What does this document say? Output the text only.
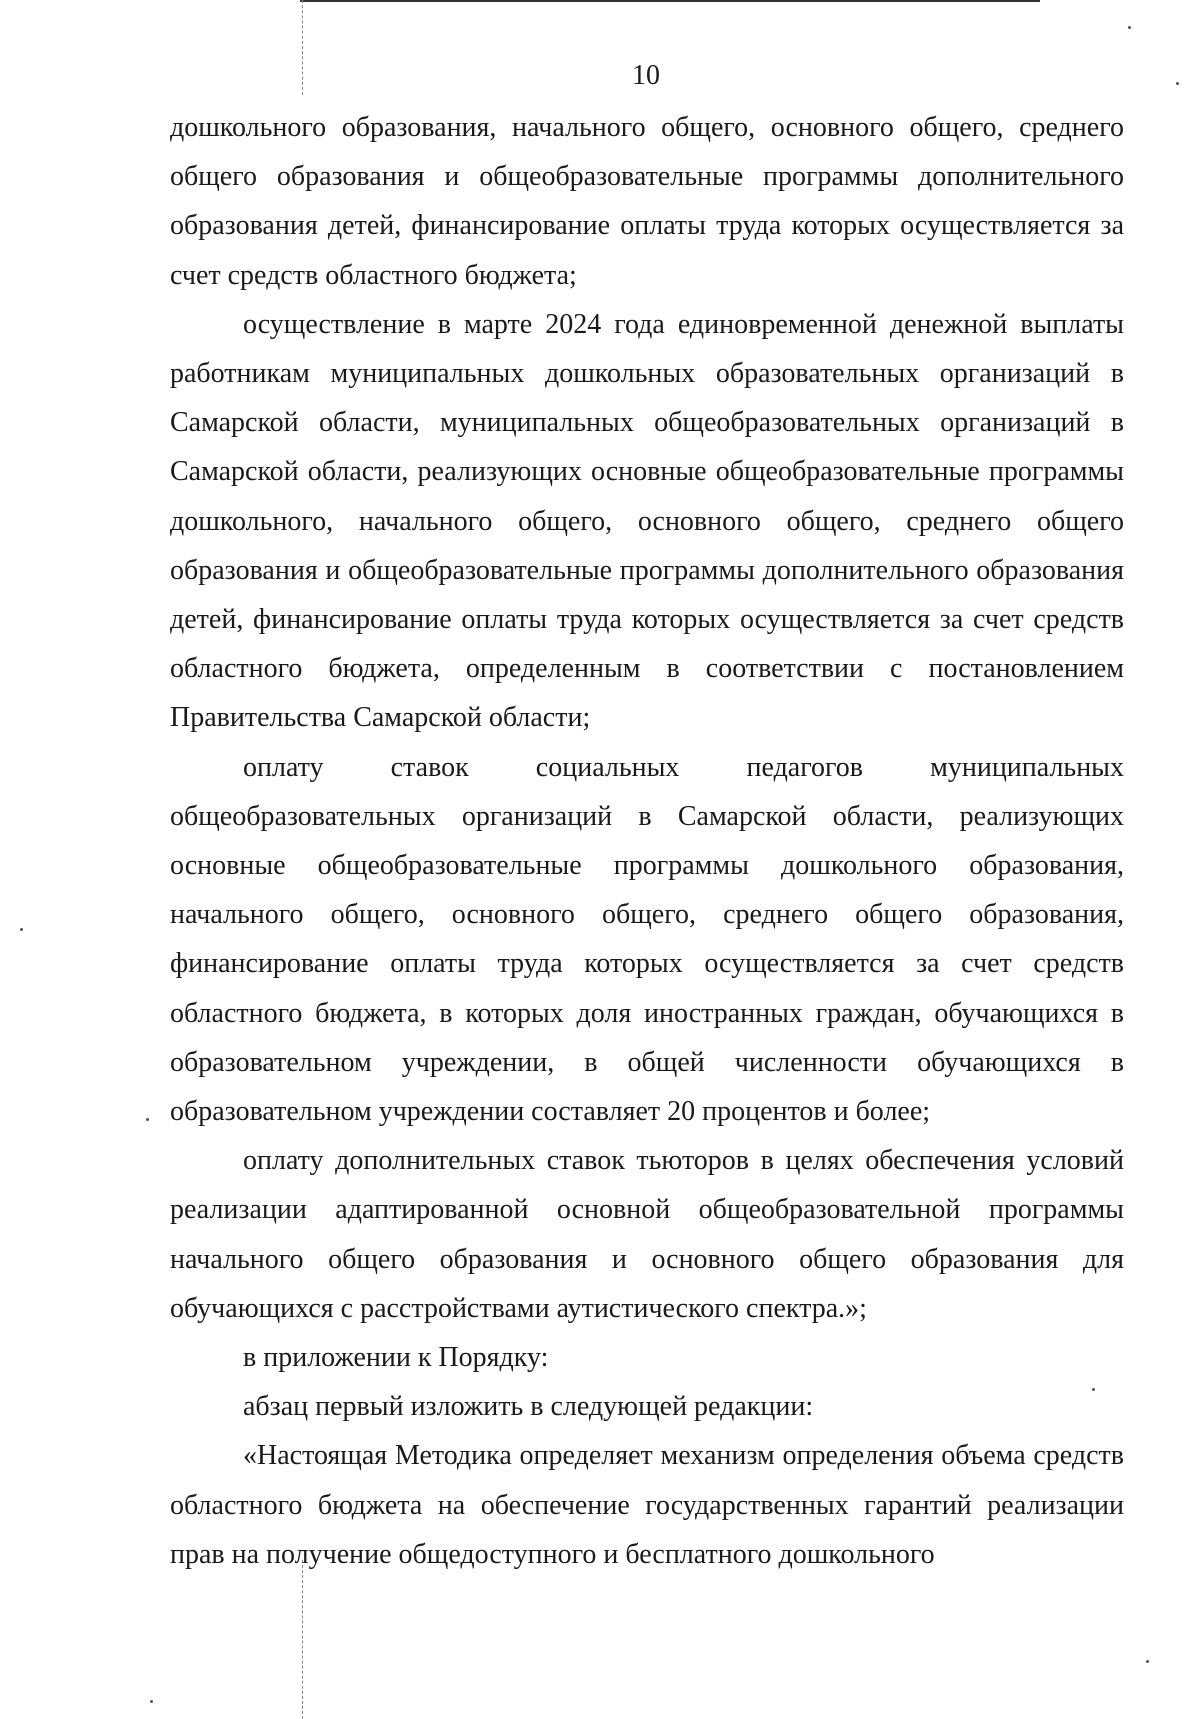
10

дошкольного образования, начального общего, основного общего, среднего общего образования и общеобразовательные программы дополнительного образования детей, финансирование оплаты труда которых осуществляется за счет средств областного бюджета;

осуществление в марте 2024 года единовременной денежной выплаты работникам муниципальных дошкольных образовательных организаций в Самарской области, муниципальных общеобразовательных организаций в Самарской области, реализующих основные общеобразовательные программы дошкольного, начального общего, основного общего, среднего общего образования и общеобразовательные программы дополнительного образования детей, финансирование оплаты труда которых осуществляется за счет средств областного бюджета, определенным в соответствии с постановлением Правительства Самарской области;

оплату ставок социальных педагогов муниципальных общеобразовательных организаций в Самарской области, реализующих основные общеобразовательные программы дошкольного образования, начального общего, основного общего, среднего общего образования, финансирование оплаты труда которых осуществляется за счет средств областного бюджета, в которых доля иностранных граждан, обучающихся в образовательном учреждении, в общей численности обучающихся в образовательном учреждении составляет 20 процентов и более;

оплату дополнительных ставок тьюторов в целях обеспечения условий реализации адаптированной основной общеобразовательной программы начального общего образования и основного общего образования для обучающихся с расстройствами аутистического спектра.»;

в приложении к Порядку:

абзац первый изложить в следующей редакции:

«Настоящая Методика определяет механизм определения объема средств областного бюджета на обеспечение государственных гарантий реализации прав на получение общедоступного и бесплатного дошкольного
